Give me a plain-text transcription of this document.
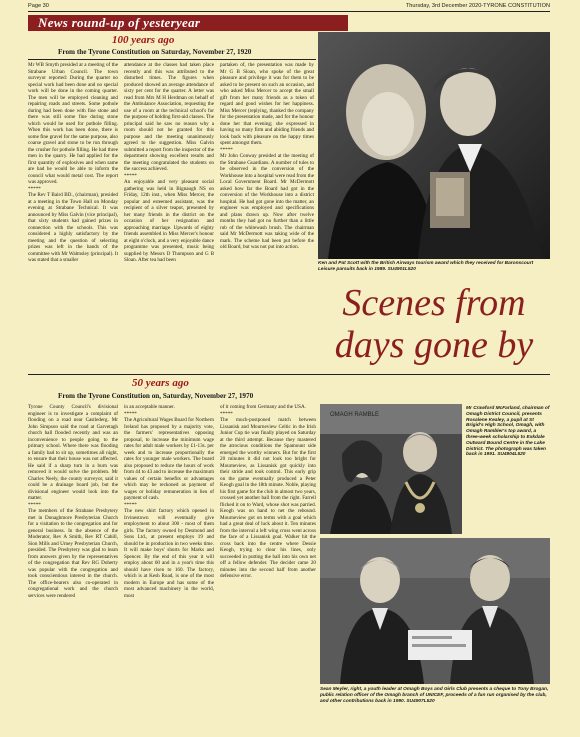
Page 30	Thursday, 3rd December 2020-TYRONE CONSTITUTION
News round-up of yesteryear
100 years ago
From the Tyrone Constitution on Saturday, November 27, 1920
Mr WB Smyth presided at a meeting of the Strabane Urban Council. The town surveyor reported: During the quarter no special work had been done and no special work will be done in the coming quarter. The men will be employed cleaning and repairing roads and streets. Some pothole during had been done with fine stone and there was still some fine during stone which would be used for pothole filling. When this work has been done, there is some fine gravel for the same purpose, also coarse gravel and stone to be run through the crusher for pothole filling. He had three men in the quarry. He had applied for the first quantity of explosives and when same are had he would be able to inform the council what would metal cost. The report was approved.
*****
The Rev T Baird BD., (chairman), presided at a meeting in the Town Hall on Monday evening at Strabane Technical. It was announced by Miss Galvin (vice principal), that sixty students had gained prizes in connection with the schools. This was considered a highly satisfactory by the meeting and the question of selecting prizes was left in the hands of the committee with Mr Walmsley (principal). It was stated that a smaller
attendance at the classes had taken place recently and this was attributed to the disturbed times. The figures when produced showed an average attendance of sixty per cent for the quarter. A letter was read from Mrs M H Herdman on behalf of the Ambulance Association, requesting the use of a room at the technical school's for the purpose of holding first-aid classes. The principal said he saw no reason why a room should not be granted for this purpose and the meeting unanimously agreed to the suggestion. Miss Galvin submitted a report from the inspector of the department showing excellent results and the meeting congratulated the students on the success achieved.
*****
An enjoyable and very pleasant social gathering was held in Bignaugh NS on Friday, 12th inst., when Miss Mercer, the popular and esteemed assistant, was the recipient of a silver teapot, presented by her many friends in the district on the occasion of her resignation and approaching marriage. Upwards of eighty friends assembled in Miss Mercer's honour at eight o'clock, and a very enjoyable dance programme was presented, music being supplied by Messrs D Thompson and G B Sloan. After tea had been
partaken of, the presentation was made by Mr G B Sloan, who spoke of the great pleasure and privilege it was for them to be asked to be present on such an occasion, and who asked Miss Mercer to accept the small gift from her many friends as a token of regard and good wishes for her happiness. Miss Mercer (replying, thanked the company for the presentation made, and for the honour done her that evening; she expressed in having so many firm and abiding friends and look back with pleasure on the happy times spent amongst them.
*****
Mr John Conway presided at the meeting of the Strabane Guardians. A number of tules to be observed in the conversion of the Workhouse into a hospital were read from the Local Government Board. Mr McDermott asked how far the Board had got in the conversion of the Workhouse into a district hospital. He had got gone into the matter, an engineer was employed and specifications and plans drawn up. Now after twelve months they had got no further than a little rub of the whitewash brush. The chairman said Mr McDermott was taking wide of the mark. The scheme had been put before the old Board, but was not put into action.
Ken and Pat Scott with the British Airways tourism award which they received for Baronscourt Leisure parsuits back in 1989. SU4901L520
Scenes from days gone by
50 years ago
From the Tyrone Constitution on, Saturday, November 27, 1970
Tyrone County Council's divisional engineer is to investigate a complaint of flooding on a road near Castlederg. Mr John Simpson said the road at Garvetagh church hall flooded recently and was an inconvenience to people going to the primary school. Where there was flooding a family had to sit up, sometimes all night, to ensure that their house was not affected. He said if a sharp turn in a burn was removed it would solve the problem. Mr Charles Neely, the county surveyor, said it could be a drainage board job, but the divisional engineer would look into the matter.
*****
The members of the Strabane Presbytery met in Donaghmore Presbyterian Church for a visitation to the congregation and for general business. In the absence of the Moderator, Rev A Smith, Rev RT Cahill, Sion Mills and Urney Presbyterian Church, presided. The Presbytery was glad to learn from answers given by the representatives of the congregation that Rev RG Doherty was popular with the congregation and took conscientious interest in the church. The office-bearers also co-operated in congregational work and the church services were rendered
in an acceptable manner.
*****
The Agricultural Wages Board for Northern Ireland has proposed by a majority vote, the farmers' representatives opposing proposal, to increase the minimum wage rates for adult male workers by £1-13s. per week and to increase proportionally the rates for younger male workers. The board also proposed to reduce the hours of work from 44 to 43 and to increase the maximum values of certain benefits or advantages which may be reckoned as payment of wages or holiday remuneration in lieu of payment of cash.
*****
The new shirt factory which opened in Irvinestown will eventually give employment to about 300 - most of them girls. The factory owned by Desmond and Sons Ltd., at present employs 19 and should be in production in two weeks time. It will make boys' shorts for Marks and Spencer. By the end of this year it will employ about 60 and in a year's time this should have risen to 160. The factory, which is at Kesh Road, is one of the most modern in Europe and has some of the most advanced machinery in the world, most
of it coming from Germany and the USA.
*****
The much-postponed match between Lissanisk and Mourneview Celtic in the Irish Junior Cup tie was finally played on Saturday at the third attempt. Because they mastered the atrocious conditions the Spamount side emerged the worthy winners. But for the first 20 minutes it did not look too bright for Mourneview, as Lissanisk got quickly into their stride and took control. This early grip on the game eventually produced a Peter Keogh goal in the 18th minute. Noble, playing his first game for the club in almost two years, crossed yet another ball from the right. Farrell flicked it on to Ward, whose shot was parried. Keogh was on hand to net the rebound. Mourneview got on terms with a goal which had a great deal of luck about it. Ten minutes from the interval a left wing cross went across the face of a Lissanisk goal. Walker hit the cross back into the centre where Dessie Keogh, trying to clear his lines, only succeeded in putting the ball into his own net off a fellow defender. The decider came 20 minutes into the second half from another defensive error.
OMAGH RAMBLE
Mr Crawford McFarland, chairman of Omagh District Council, presents Rosalene Kealey, a pupil at St Brigid's High School, Omagh, with Omagh Rambler's top award, a three-week scholarship to Exkdale Outward Bound Centre in the Lake District. The photograph was taken back in 1991. SU4904L520
Sean Meyler, right, a youth leader at Omagh Boys and Girls Club presents a cheque to Tony Brogan, public relation officer of the Omagh branch of UNICEF, proceeds of a fun run organised by the club, and other contributions back in 1990. SU4907L520
